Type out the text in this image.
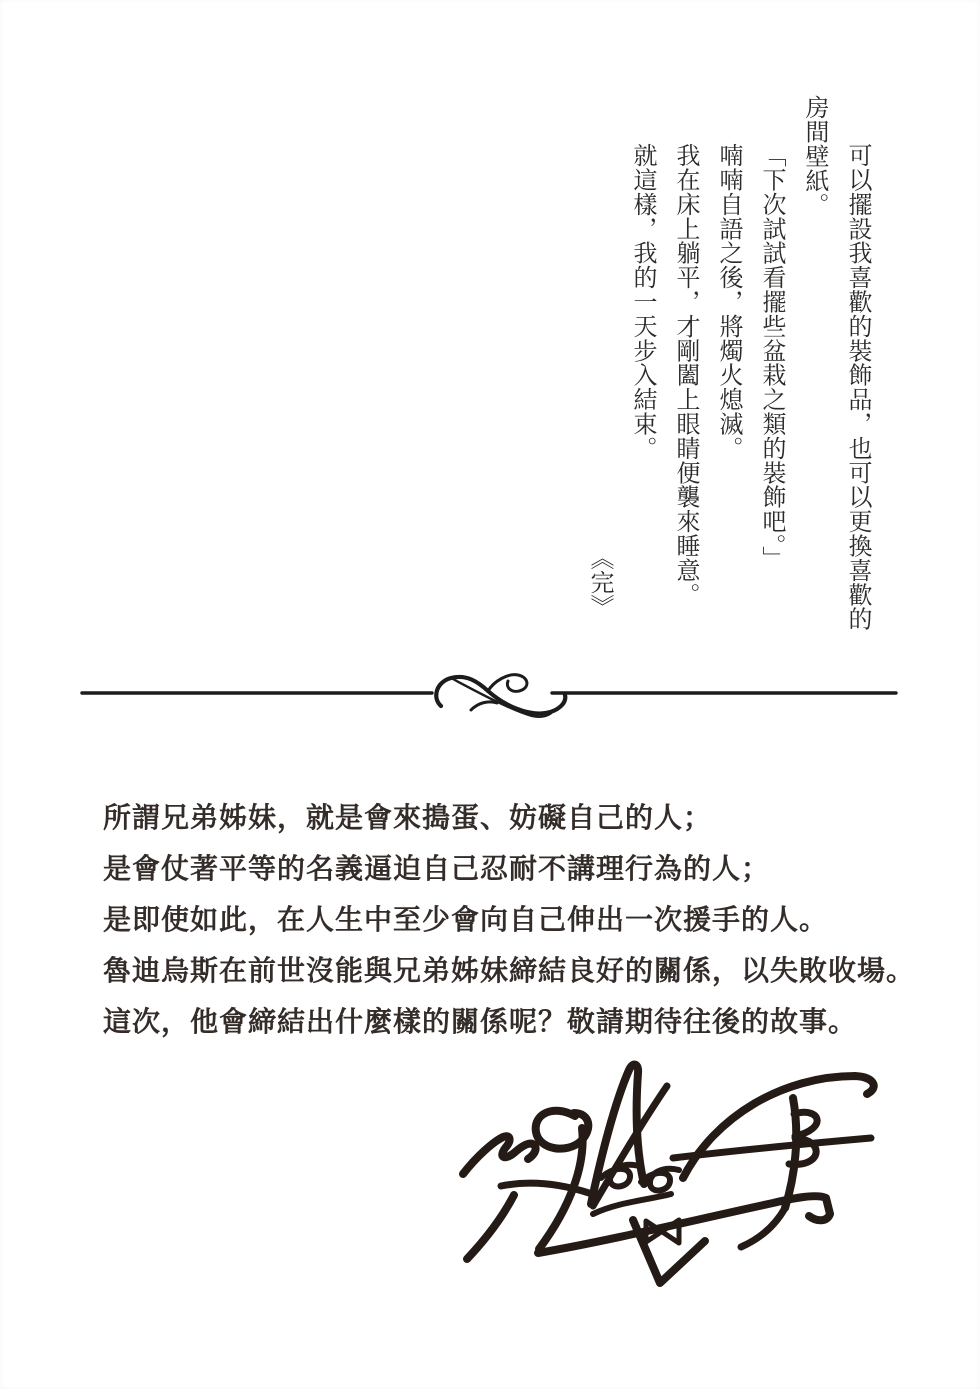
可以擺設我喜歡的裝飾品，也可以更換喜歡的
房間壁紙。
「下次試試看擺些盆栽之類的裝飾吧。」
喃喃自語之後，將燭火熄滅。
我在床上躺平，才剛闔上眼睛便襲來睡意。
就這樣，我的一天步入結束。
《完》

所謂兄弟姊妹，就是會來搗蛋、妨礙自己的人；

是會仗著平等的名義逼迫自己忍耐不講理行為的人；

是即使如此，在人生中至少會向自己伸出一次援手的人。

魯迪烏斯在前世沒能與兄弟姊妹締結良好的關係，以失敗收場。

這次，他會締結出什麼樣的關係呢？敬請期待往後的故事。
